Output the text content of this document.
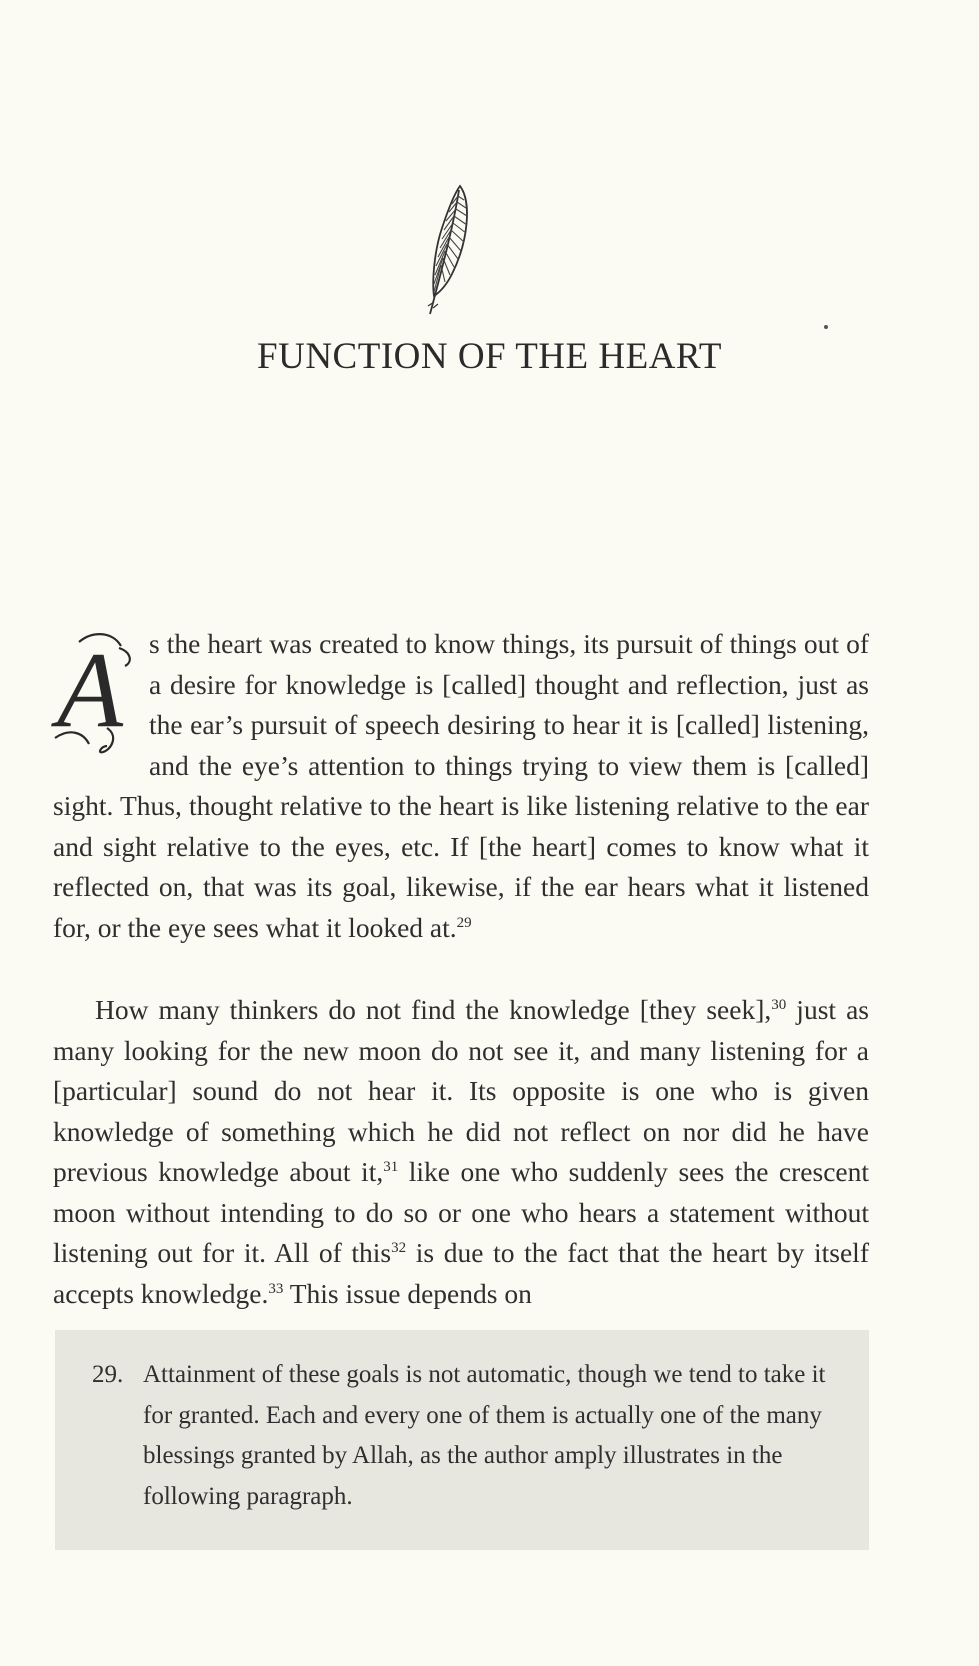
FUNCTION OF THE HEART

A s the heart was created to know things, its pursuit of things out of a desire for knowledge is [called] thought and reflection, just as the ear’s pursuit of speech desiring to hear it is [called] listening, and the eye’s attention to things trying to view them is [called] sight. Thus, thought relative to the heart is like listening relative to the ear and sight relative to the eyes, etc. If [the heart] comes to know what it reflected on, that was its goal, likewise, if the ear hears what it listened for, or the eye sees what it looked at.$^{29}$

How many thinkers do not find the knowledge [they seek],$^{30}$ just as many looking for the new moon do not see it, and many listening for a [particular] sound do not hear it. Its opposite is one who is given knowledge of something which he did not reflect on nor did he have previous knowledge about it,$^{31}$ like one who suddenly sees the crescent moon without intending to do so or one who hears a statement without listening out for it. All of this$^{32}$ is due to the fact that the heart by itself accepts knowledge.$^{33}$ This issue depends on

29. Attainment of these goals is not automatic, though we tend to take it for granted. Each and every one of them is actually one of the many blessings granted by Allah, as the author amply illustrates in the following paragraph.
